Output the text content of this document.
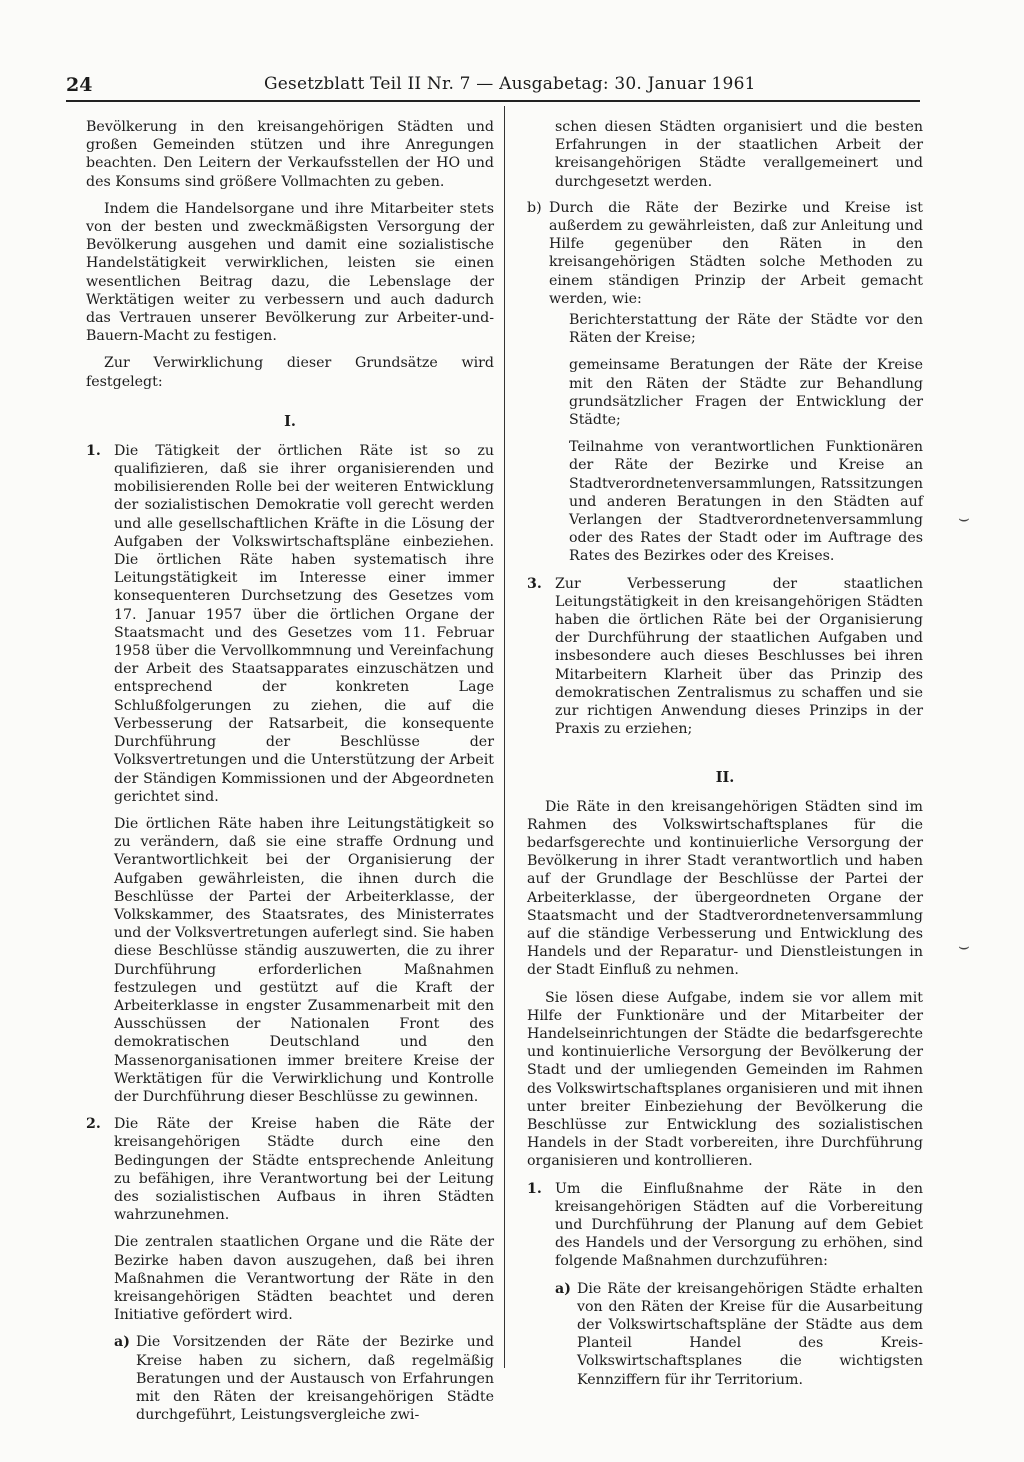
24	Gesetzblatt Teil II Nr. 7 — Ausgabetag: 30. Januar 1961

Bevölkerung in den kreisangehörigen Städten und großen Gemeinden stützen und ihre Anregungen beachten. Den Leitern der Verkaufsstellen der HO und des Konsums sind größere Vollmachten zu geben.

Indem die Handelsorgane und ihre Mitarbeiter stets von der besten und zweckmäßigsten Versorgung der Bevölkerung ausgehen und damit eine sozialistische Handelstätigkeit verwirklichen, leisten sie einen wesentlichen Beitrag dazu, die Lebenslage der Werktätigen weiter zu verbessern und auch dadurch das Vertrauen unserer Bevölkerung zur Arbeiter-und-Bauern-Macht zu festigen.

Zur Verwirklichung dieser Grundsätze wird festgelegt:

I.
1. Die Tätigkeit der örtlichen Räte ist so zu qualifizieren, daß sie ihrer organisierenden und mobilisierenden Rolle bei der weiteren Entwicklung der sozialistischen Demokratie voll gerecht werden und alle gesellschaftlichen Kräfte in die Lösung der Aufgaben der Volkswirtschaftspläne einbeziehen. Die örtlichen Räte haben systematisch ihre Leitungstätigkeit im Interesse einer immer konsequenteren Durchsetzung des Gesetzes vom 17. Januar 1957 über die örtlichen Organe der Staatsmacht und des Gesetzes vom 11. Februar 1958 über die Vervollkommnung und Vereinfachung der Arbeit des Staatsapparates einzuschätzen und entsprechend der konkreten Lage Schlußfolgerungen zu ziehen, die auf die Verbesserung der Ratsarbeit, die konsequente Durchführung der Beschlüsse der Volksvertretungen und die Unterstützung der Arbeit der Ständigen Kommissionen und der Abgeordneten gerichtet sind.

Die örtlichen Räte haben ihre Leitungstätigkeit so zu verändern, daß sie eine straffe Ordnung und Verantwortlichkeit bei der Organisierung der Aufgaben gewährleisten, die ihnen durch die Beschlüsse der Partei der Arbeiterklasse, der Volkskammer, des Staatsrates, des Ministerrates und der Volksvertretungen auferlegt sind. Sie haben diese Beschlüsse ständig auszuwerten, die zu ihrer Durchführung erforderlichen Maßnahmen festzulegen und gestützt auf die Kraft der Arbeiterklasse in engster Zusammenarbeit mit den Ausschüssen der Nationalen Front des demokratischen Deutschland und den Massenorganisationen immer breitere Kreise der Werktätigen für die Verwirklichung und Kontrolle der Durchführung dieser Beschlüsse zu gewinnen.

2. Die Räte der Kreise haben die Räte der kreisangehörigen Städte durch eine den Bedingungen der Städte entsprechende Anleitung zu befähigen, ihre Verantwortung bei der Leitung des sozialistischen Aufbaus in ihren Städten wahrzunehmen.

Die zentralen staatlichen Organe und die Räte der Bezirke haben davon auszugehen, daß bei ihren Maßnahmen die Verantwortung der Räte in den kreisangehörigen Städten beachtet und deren Initiative gefördert wird.

a) Die Vorsitzenden der Räte der Bezirke und Kreise haben zu sichern, daß regelmäßig Beratungen und der Austausch von Erfahrungen mit den Räten der kreisangehörigen Städte durchgeführt, Leistungsvergleiche zwi-

schen diesen Städten organisiert und die besten Erfahrungen in der staatlichen Arbeit der kreisangehörigen Städte verallgemeinert und durchgesetzt werden.

b) Durch die Räte der Bezirke und Kreise ist außerdem zu gewährleisten, daß zur Anleitung und Hilfe gegenüber den Räten in den kreisangehörigen Städten solche Methoden zu einem ständigen Prinzip der Arbeit gemacht werden, wie:

Berichterstattung der Räte der Städte vor den Räten der Kreise;

gemeinsame Beratungen der Räte der Kreise mit den Räten der Städte zur Behandlung grundsätzlicher Fragen der Entwicklung der Städte;

Teilnahme von verantwortlichen Funktionären der Räte der Bezirke und Kreise an Stadtverordnetenversammlungen, Ratssitzungen und anderen Beratungen in den Städten auf Verlangen der Stadtverordnetenversammlung oder des Rates der Stadt oder im Auftrage des Rates des Bezirkes oder des Kreises.

3. Zur Verbesserung der staatlichen Leitungstätigkeit in den kreisangehörigen Städten haben die örtlichen Räte bei der Organisierung der Durchführung der staatlichen Aufgaben und insbesondere auch dieses Beschlusses bei ihren Mitarbeitern Klarheit über das Prinzip des demokratischen Zentralismus zu schaffen und sie zur richtigen Anwendung dieses Prinzips in der Praxis zu erziehen;

II.

Die Räte in den kreisangehörigen Städten sind im Rahmen des Volkswirtschaftsplanes für die bedarfsgerechte und kontinuierliche Versorgung der Bevölkerung in ihrer Stadt verantwortlich und haben auf der Grundlage der Beschlüsse der Partei der Arbeiterklasse, der übergeordneten Organe der Staatsmacht und der Stadtverordnetenversammlung auf die ständige Verbesserung und Entwicklung des Handels und der Reparatur- und Dienstleistungen in der Stadt Einfluß zu nehmen.

Sie lösen diese Aufgabe, indem sie vor allem mit Hilfe der Funktionäre und der Mitarbeiter der Handelseinrichtungen der Städte die bedarfsgerechte und kontinuierliche Versorgung der Bevölkerung der Stadt und der umliegenden Gemeinden im Rahmen des Volkswirtschaftsplanes organisieren und mit ihnen unter breiter Einbeziehung der Bevölkerung die Beschlüsse zur Entwicklung des sozialistischen Handels in der Stadt vorbereiten, ihre Durchführung organisieren und kontrollieren.

1. Um die Einflußnahme der Räte in den kreisangehörigen Städten auf die Vorbereitung und Durchführung der Planung auf dem Gebiet des Handels und der Versorgung zu erhöhen, sind folgende Maßnahmen durchzuführen:

a) Die Räte der kreisangehörigen Städte erhalten von den Räten der Kreise für die Ausarbeitung der Volkswirtschaftspläne der Städte aus dem Planteil Handel des Kreis-Volkswirtschaftsplanes die wichtigsten Kennziffern für ihr Territorium.

⌣
⌣
